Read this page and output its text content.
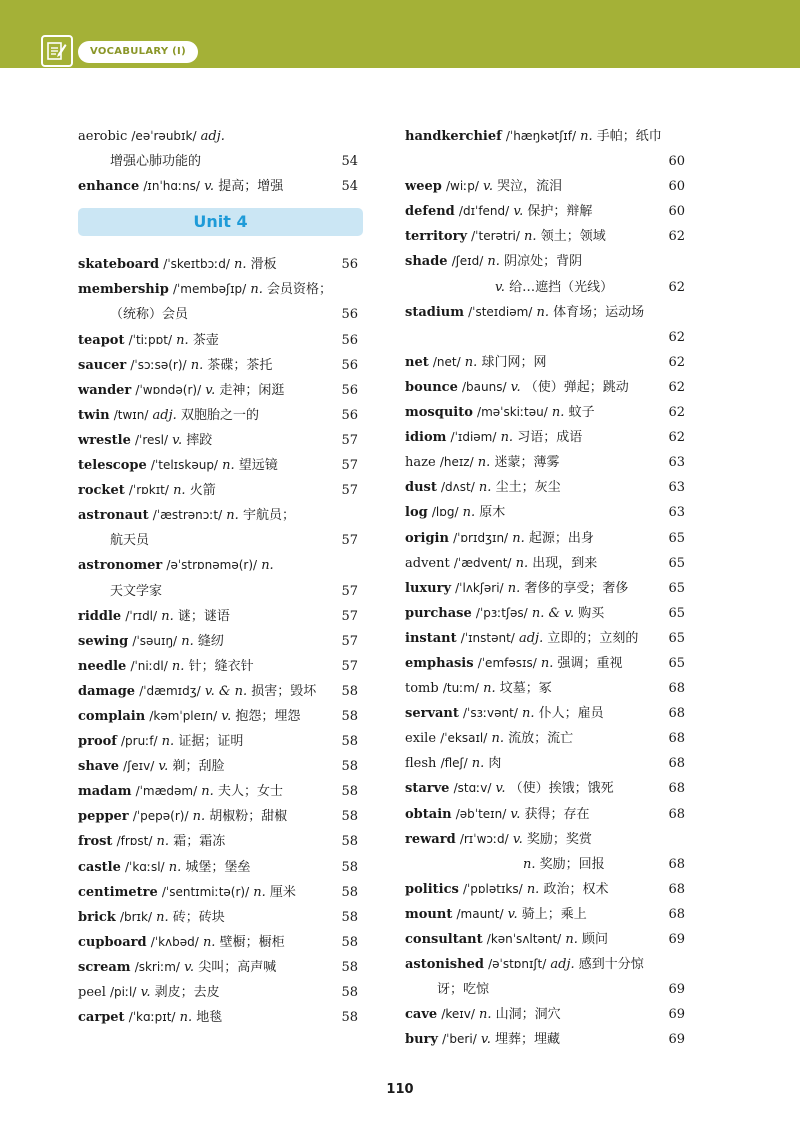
VOCABULARY (I)
aerobic /eəˈrəubɪk/ adj.
增强心肺功能的	54
enhance /ɪnˈhɑːns/ v. 提高；增强	54
Unit 4
skateboard /ˈskeɪtbɔːd/ n. 滑板	56
membership /ˈmembəʃɪp/ n. 会员资格；
（统称）会员	56
teapot /ˈtiːpɒt/ n. 茶壶	56
saucer /ˈsɔːsə(r)/ n. 茶碟；茶托	56
wander /ˈwɒndə(r)/ v. 走神；闲逛	56
twin /twɪn/ adj. 双胞胎之一的	56
wrestle /ˈresl/ v. 摔跤	57
telescope /ˈtelɪskəup/ n. 望远镜	57
rocket /ˈrɒkɪt/ n. 火箭	57
astronaut /ˈæstrənɔːt/ n. 宇航员；
航天员	57
astronomer /əˈstrɒnəmə(r)/ n.
天文学家	57
riddle /ˈrɪdl/ n. 谜；谜语	57
sewing /ˈsəuɪŋ/ n. 缝纫	57
needle /ˈniːdl/ n. 针；缝衣针	57
damage /ˈdæmɪdʒ/ v. & n. 损害；毁坏 58
complain /kəmˈpleɪn/ v. 抱怨；埋怨	58
proof /pruːf/ n. 证据；证明	58
shave /ʃeɪv/ v. 剃；刮脸	58
madam /ˈmædəm/ n. 夫人；女士	58
pepper /ˈpepə(r)/ n. 胡椒粉；甜椒	58
frost /frɒst/ n. 霜；霜冻	58
castle /ˈkɑːsl/ n. 城堡；堡垒	58
centimetre /ˈsentɪmiːtə(r)/ n. 厘米	58
brick /brɪk/ n. 砖；砖块	58
cupboard /ˈkʌbəd/ n. 壁橱；橱柜	58
scream /skriːm/ v. 尖叫；高声喊	58
peel /piːl/ v. 剥皮；去皮	58
carpet /ˈkɑːpɪt/ n. 地毯	58
handkerchief /ˈhæŋkətʃɪf/ n. 手帕；纸巾
60
weep /wiːp/ v. 哭泣，流泪	60
defend /dɪˈfend/ v. 保护；辩解	60
territory /ˈterətri/ n. 领土；领域	62
shade /ʃeɪd/ n. 阴凉处；背阴
v. 给…遮挡（光线）	62
stadium /ˈsteɪdiəm/ n. 体育场；运动场
62
net /net/ n. 球门网；网	62
bounce /bauns/ v. （使）弹起；跳动	62
mosquito /məˈskiːtəu/ n. 蚊子	62
idiom /ˈɪdiəm/ n. 习语；成语	62
haze /heɪz/ n. 迷蒙；薄雾	63
dust /dʌst/ n. 尘土；灰尘	63
log /lɒg/ n. 原木	63
origin /ˈɒrɪdʒɪn/ n. 起源；出身	65
advent /ˈædvent/ n. 出现，到来	65
luxury /ˈlʌkʃəri/ n. 奢侈的享受；奢侈	65
purchase /ˈpɜːtʃəs/ n. & v. 购买	65
instant /ˈɪnstənt/ adj. 立即的；立刻的 65
emphasis /ˈemfəsɪs/ n. 强调；重视	65
tomb /tuːm/ n. 坟墓；冢	68
servant /ˈsɜːvənt/ n. 仆人；雇员	68
exile /ˈeksaɪl/ n. 流放；流亡	68
flesh /fleʃ/ n. 肉	68
starve /stɑːv/ v. （使）挨饿；饿死	68
obtain /əbˈteɪn/ v. 获得；存在	68
reward /rɪˈwɔːd/ v. 奖励；奖赏
n. 奖励；回报	68
politics /ˈpɒlətɪks/ n. 政治；权术	68
mount /maunt/ v. 骑上；乘上	68
consultant /kənˈsʌltənt/ n. 顾问	69
astonished /əˈstɒnɪʃt/ adj. 感到十分惊
讶；吃惊	69
cave /keɪv/ n. 山洞；洞穴	69
bury /ˈberi/ v. 埋葬；埋藏	69
110
